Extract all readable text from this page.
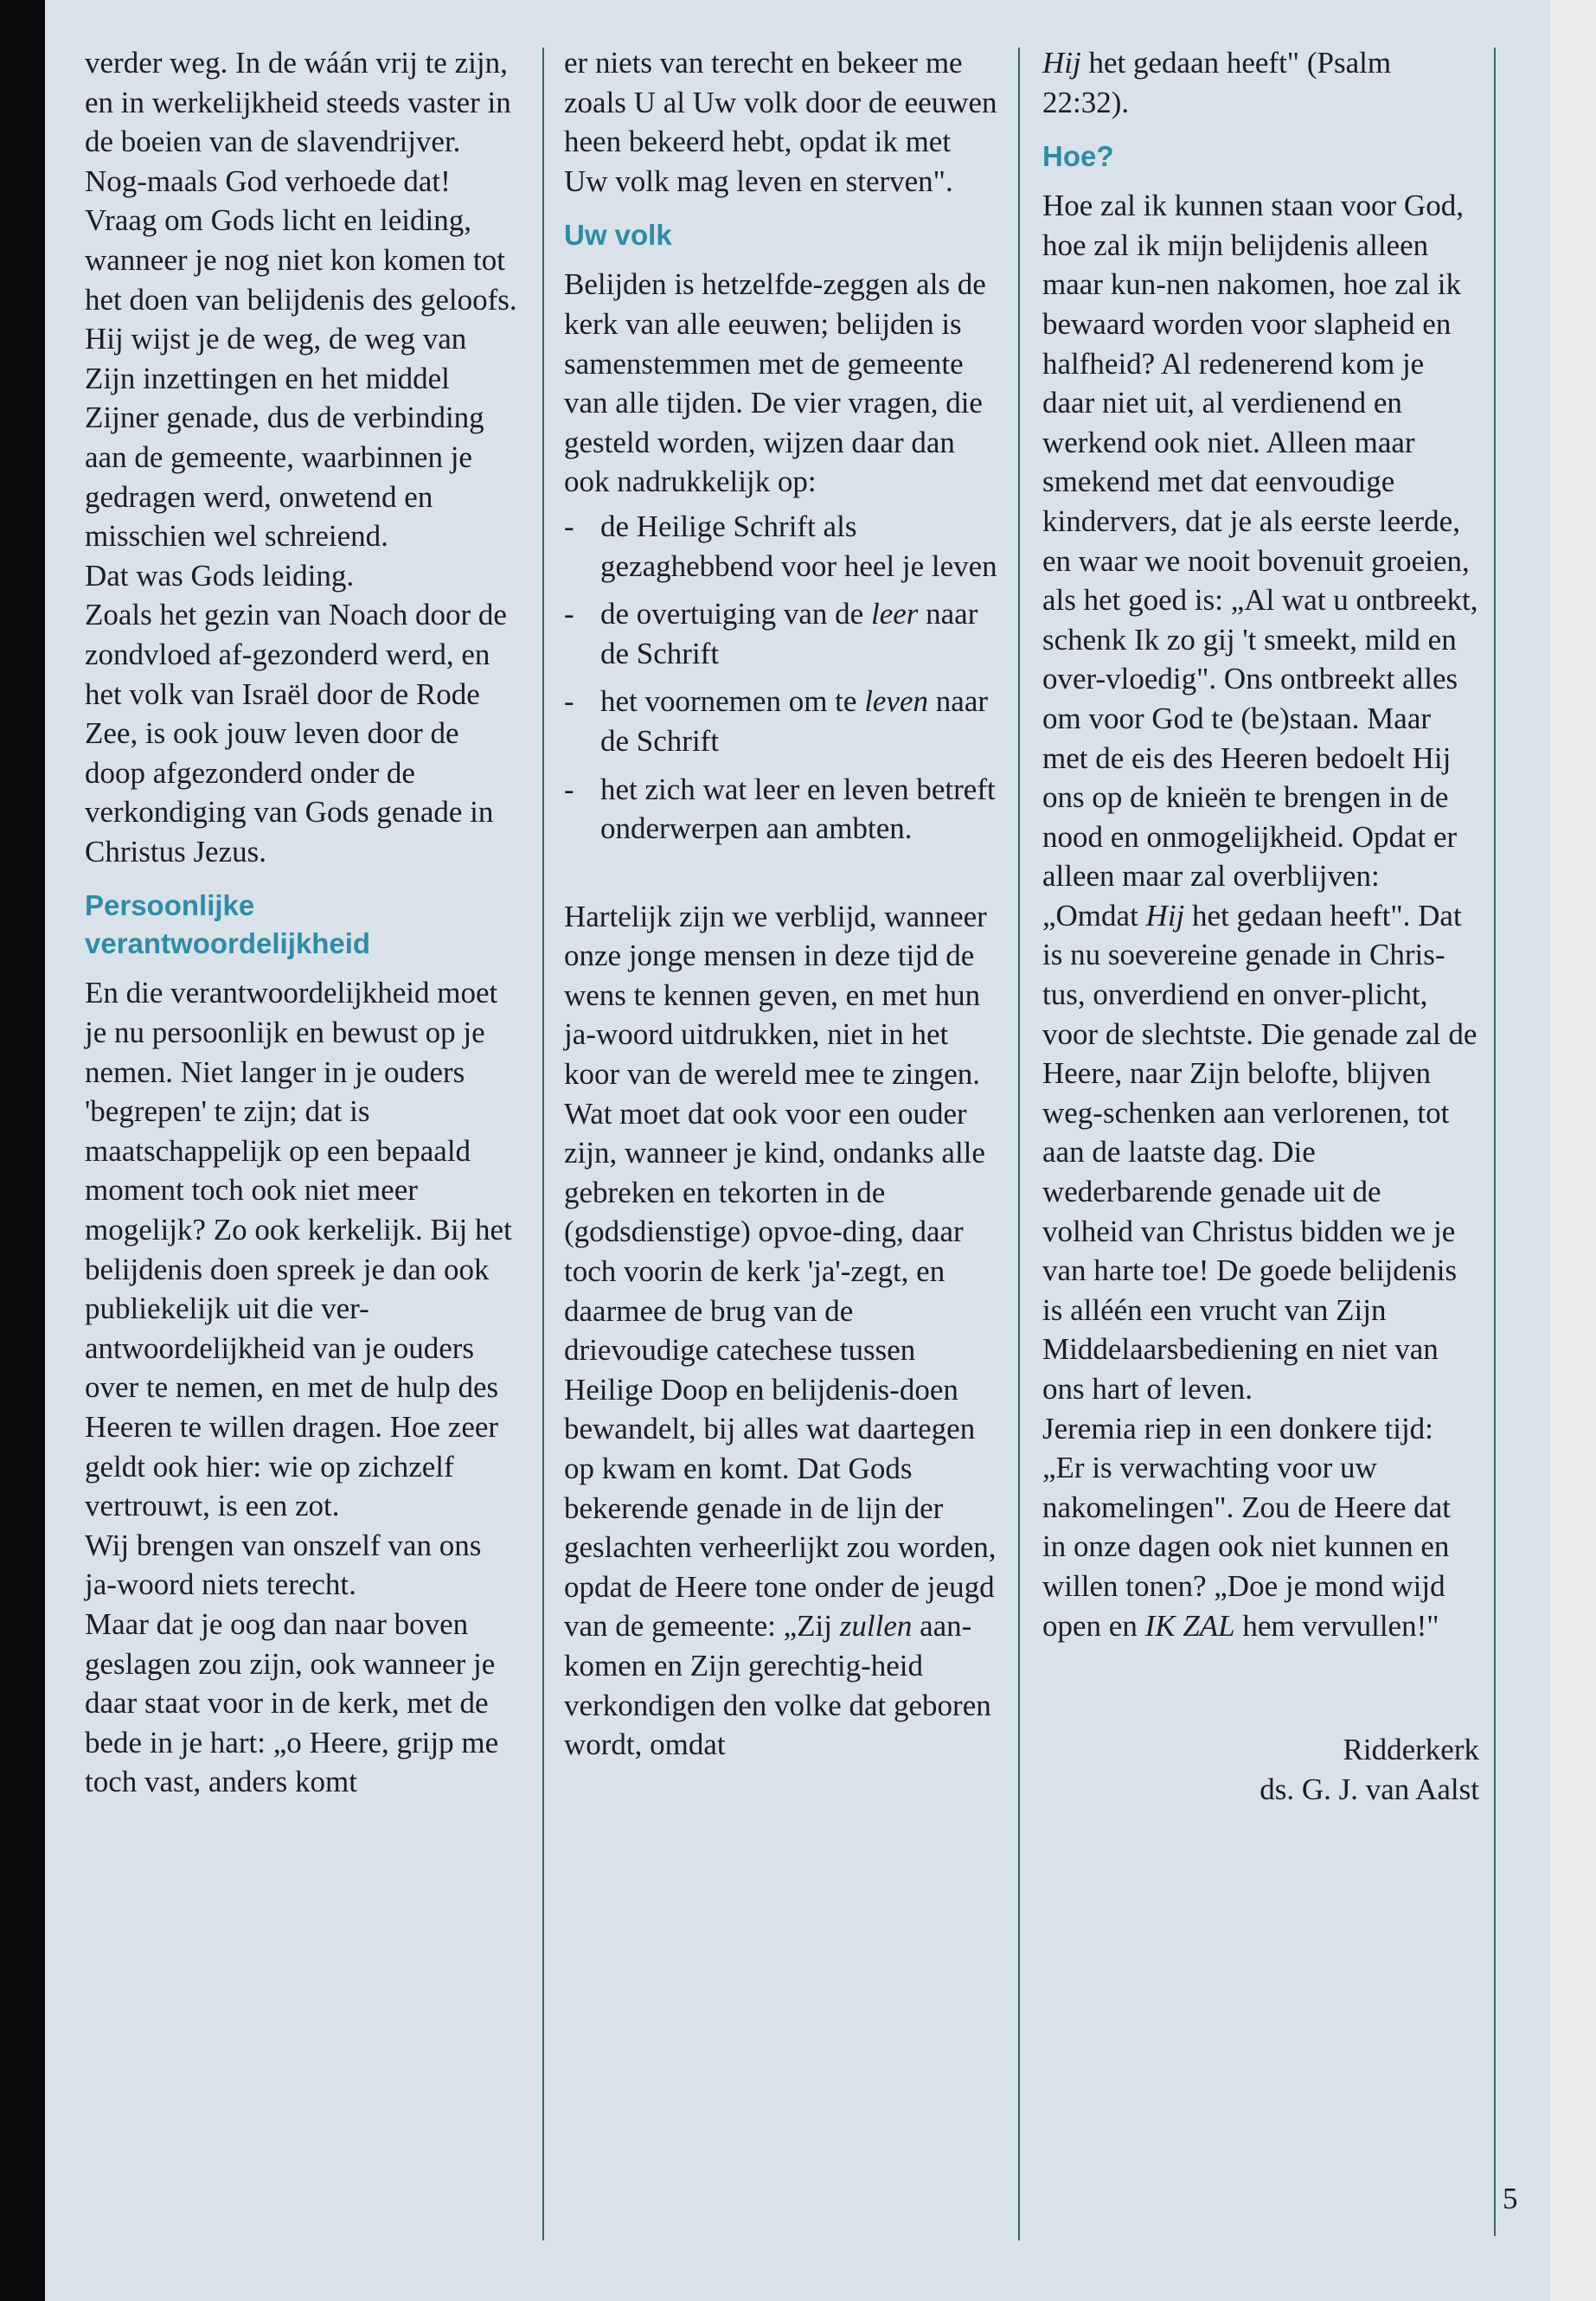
verder weg. In de wáán vrij te zijn, en in werkelijkheid steeds vaster in de boeien van de slavendrijver. Nog-maals God verhoede dat!

Vraag om Gods licht en leiding, wanneer je nog niet kon komen tot het doen van belijdenis des geloofs. Hij wijst je de weg, de weg van Zijn inzettingen en het middel Zijner genade, dus de verbinding aan de gemeente, waarbinnen je gedragen werd, onwetend en misschien wel schreiend.

Dat was Gods leiding.

Zoals het gezin van Noach door de zondvloed af-gezonderd werd, en het volk van Israël door de Rode Zee, is ook jouw leven door de doop afgezonderd onder de verkondiging van Gods genade in Christus Jezus.

Persoonlijke verantwoordelijkheid

En die verantwoordelijkheid moet je nu persoonlijk en bewust op je nemen. Niet langer in je ouders 'begrepen' te zijn; dat is maatschappelijk op een bepaald moment toch ook niet meer mogelijk? Zo ook kerkelijk. Bij het belijdenis doen spreek je dan ook publiekelijk uit die ver-antwoordelijkheid van je ouders over te nemen, en met de hulp des Heeren te willen dragen. Hoe zeer geldt ook hier: wie op zichzelf vertrouwt, is een zot.

Wij brengen van onszelf van ons ja-woord niets terecht.

Maar dat je oog dan naar boven geslagen zou zijn, ook wanneer je daar staat voor in de kerk, met de bede in je hart: „o Heere, grijp me toch vast, anders komt

er niets van terecht en bekeer me zoals U al Uw volk door de eeuwen heen bekeerd hebt, opdat ik met Uw volk mag leven en sterven".

Uw volk

Belijden is hetzelfde-zeggen als de kerk van alle eeuwen; belijden is samenstemmen met de gemeente van alle tijden. De vier vragen, die gesteld worden, wijzen daar dan ook nadrukkelijk op:

- de Heilige Schrift als gezaghebbend voor heel je leven
- de overtuiging van de leer naar de Schrift
- het voornemen om te leven naar de Schrift
- het zich wat leer en leven betreft onderwerpen aan ambten.

Hartelijk zijn we verblijd, wanneer onze jonge mensen in deze tijd de wens te kennen geven, en met hun ja-woord uitdrukken, niet in het koor van de wereld mee te zingen. Wat moet dat ook voor een ouder zijn, wanneer je kind, ondanks alle gebreken en tekorten in de (godsdienstige) opvoe-ding, daar toch voorin de kerk 'ja'-zegt, en daarmee de brug van de drievoudige catechese tussen Heilige Doop en belijdenis-doen bewandelt, bij alles wat daartegen op kwam en komt. Dat Gods bekerende genade in de lijn der geslachten verheerlijkt zou worden, opdat de Heere tone onder de jeugd van de gemeente: „Zij zullen aan-komen en Zijn gerechtig-heid verkondigen den volke dat geboren wordt, omdat

Hij het gedaan heeft" (Psalm 22:32).

Hoe?

Hoe zal ik kunnen staan voor God, hoe zal ik mijn belijdenis alleen maar kun-nen nakomen, hoe zal ik bewaard worden voor slapheid en halfheid? Al redenerend kom je daar niet uit, al verdienend en werkend ook niet. Alleen maar smekend met dat eenvoudige kindervers, dat je als eerste leerde, en waar we nooit bovenuit groeien, als het goed is: „Al wat u ontbreekt, schenk Ik zo gij 't smeekt, mild en over-vloedig". Ons ontbreekt alles om voor God te (be)staan. Maar met de eis des Heeren bedoelt Hij ons op de knieën te brengen in de nood en onmogelijkheid. Opdat er alleen maar zal overblijven: „Omdat Hij het gedaan heeft". Dat is nu soevereine genade in Chris-tus, onverdiend en onver-plicht, voor de slechtste. Die genade zal de Heere, naar Zijn belofte, blijven weg-schenken aan verlorenen, tot aan de laatste dag. Die wederbarende genade uit de volheid van Christus bidden we je van harte toe! De goede belijdenis is alléén een vrucht van Zijn Middelaarsbediening en niet van ons hart of leven.

Jeremia riep in een donkere tijd: „Er is verwachting voor uw nakomelingen". Zou de Heere dat in onze dagen ook niet kunnen en willen tonen? „Doe je mond wijd open en IK ZAL hem vervullen!"

Ridderkerk
ds. G. J. van Aalst
5
